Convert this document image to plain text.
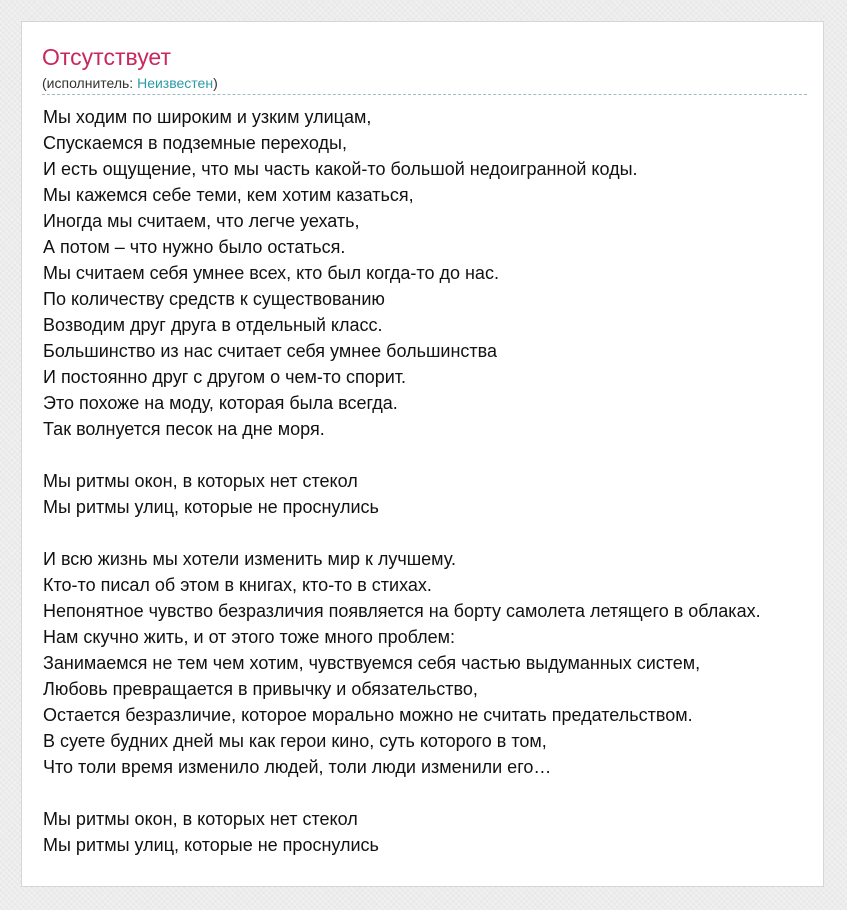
Отсутствует
(исполнитель: Неизвестен)
Мы ходим по широким и узким улицам,
Спускаемся в подземные переходы,
И есть ощущение, что мы часть какой-то большой недоигранной коды.
Мы кажемся себе теми, кем хотим казаться,
Иногда мы считаем, что легче уехать,
А потом – что нужно было остаться.
Мы считаем себя умнее всех, кто был когда-то до нас.
По количеству средств к существованию
Возводим друг друга в отдельный класс.
Большинство из нас считает себя умнее большинства
И постоянно друг с другом о чем-то спорит.
Это похоже на моду, которая была всегда.
Так волнуется песок на дне моря.
Мы ритмы окон, в которых нет стекол
Мы ритмы улиц, которые не проснулись
И всю жизнь мы хотели изменить мир к лучшему.
Кто-то писал об этом в книгах, кто-то в стихах.
Непонятное чувство безразличия появляется на борту самолета летящего в облаках.
Нам скучно жить, и от этого тоже много проблем:
Занимаемся не тем чем хотим, чувствуемся себя частью выдуманных систем,
Любовь превращается в привычку и обязательство,
Остается безразличие, которое морально можно не считать предательством.
В суете будних дней мы как герои кино, суть которого в том,
Что толи время изменило людей, толи люди изменили его…
Мы ритмы окон, в которых нет стекол
Мы ритмы улиц, которые не проснулись
